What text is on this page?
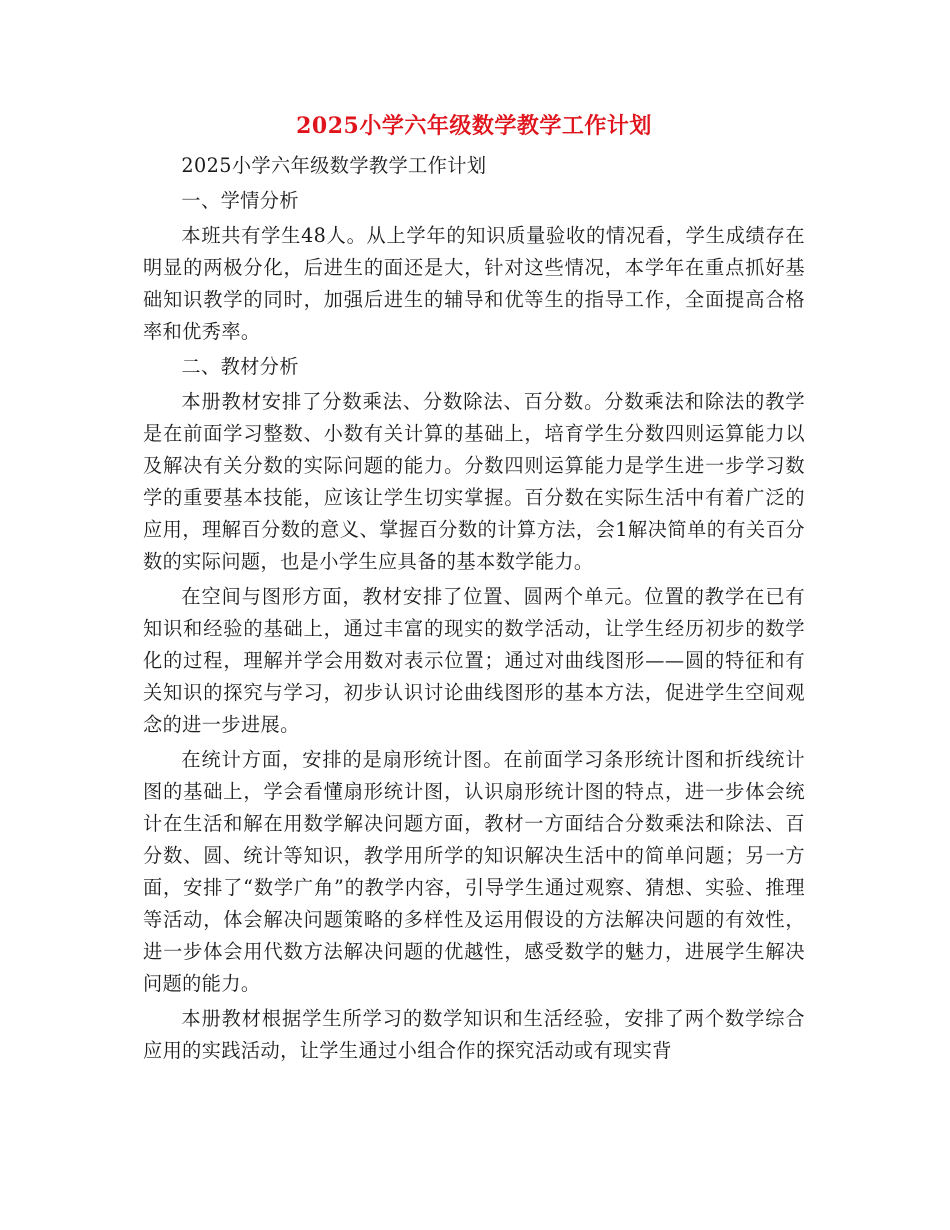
2025小学六年级数学教学工作计划

2025小学六年级数学教学工作计划

一、学情分析

本班共有学生48人。从上学年的知识质量验收的情况看，学生成绩存在明显的两极分化，后进生的面还是大，针对这些情况，本学年在重点抓好基础知识教学的同时，加强后进生的辅导和优等生的指导工作，全面提高合格率和优秀率。

二、教材分析

本册教材安排了分数乘法、分数除法、百分数。分数乘法和除法的教学是在前面学习整数、小数有关计算的基础上，培育学生分数四则运算能力以及解决有关分数的实际问题的能力。分数四则运算能力是学生进一步学习数学的重要基本技能，应该让学生切实掌握。百分数在实际生活中有着广泛的应用，理解百分数的意义、掌握百分数的计算方法，会1解决简单的有关百分数的实际问题，也是小学生应具备的基本数学能力。

在空间与图形方面，教材安排了位置、圆两个单元。位置的教学在已有知识和经验的基础上，通过丰富的现实的数学活动，让学生经历初步的数学化的过程，理解并学会用数对表示位置；通过对曲线图形——圆的特征和有关知识的探究与学习，初步认识讨论曲线图形的基本方法，促进学生空间观念的进一步进展。

在统计方面，安排的是扇形统计图。在前面学习条形统计图和折线统计图的基础上，学会看懂扇形统计图，认识扇形统计图的特点，进一步体会统计在生活和解在用数学解决问题方面，教材一方面结合分数乘法和除法、百分数、圆、统计等知识，教学用所学的知识解决生活中的简单问题；另一方面，安排了“数学广角”的教学内容，引导学生通过观察、猜想、实验、推理等活动，体会解决问题策略的多样性及运用假设的方法解决问题的有效性，进一步体会用代数方法解决问题的优越性，感受数学的魅力，进展学生解决问题的能力。

本册教材根据学生所学习的数学知识和生活经验，安排了两个数学综合应用的实践活动，让学生通过小组合作的探究活动或有现实背
